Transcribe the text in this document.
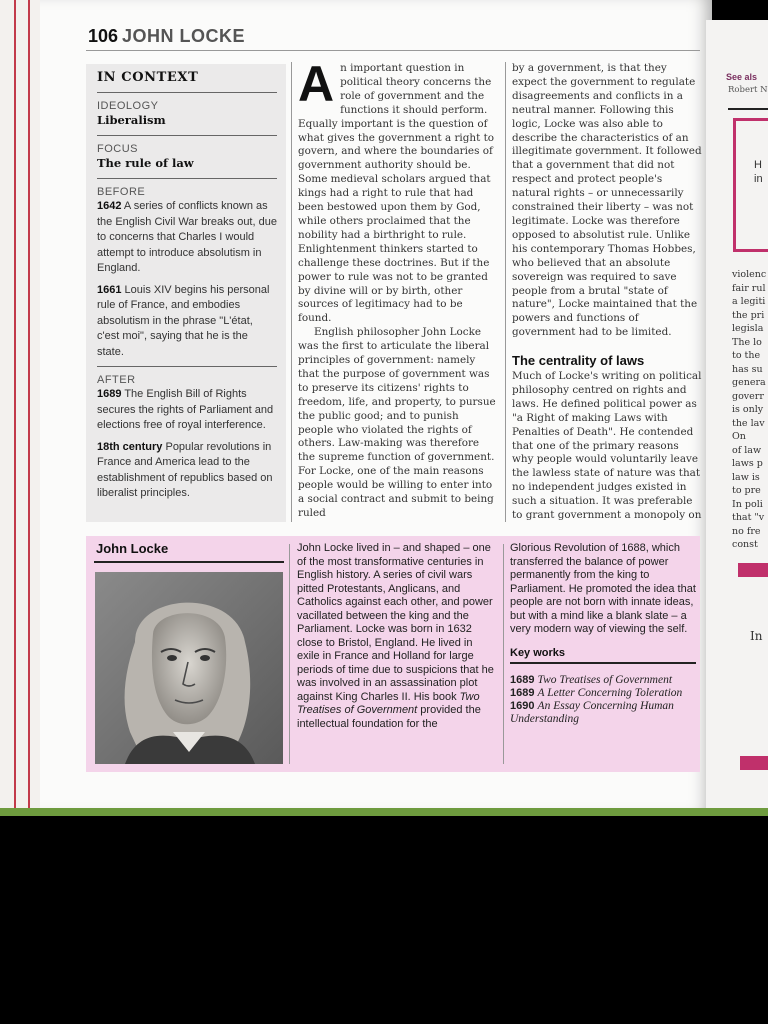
106 JOHN LOCKE
IN CONTEXT
IDEOLOGY
Liberalism
FOCUS
The rule of law
BEFORE
1642 A series of conflicts known as the English Civil War breaks out, due to concerns that Charles I would attempt to introduce absolutism in England.
1661 Louis XIV begins his personal rule of France, and embodies absolutism in the phrase "L'état, c'est moi", saying that he is the state.
AFTER
1689 The English Bill of Rights secures the rights of Parliament and elections free of royal interference.
18th century Popular revolutions in France and America lead to the establishment of republics based on liberalist principles.
A n important question in political theory concerns the role of government and the functions it should perform. Equally important is the question of what gives the government a right to govern, and where the boundaries of government authority should be. Some medieval scholars argued that kings had a right to rule that had been bestowed upon them by God, while others proclaimed that the nobility had a birthright to rule. Enlightenment thinkers started to challenge these doctrines. But if the power to rule was not to be granted by divine will or by birth, other sources of legitimacy had to be found.

English philosopher John Locke was the first to articulate the liberal principles of government: namely that the purpose of government was to preserve its citizens' rights to freedom, life, and property, to pursue the public good; and to punish people who violated the rights of others. Law-making was therefore the supreme function of government. For Locke, one of the main reasons people would be willing to enter into a social contract and submit to being ruled

by a government, is that they expect the government to regulate disagreements and conflicts in a neutral manner. Following this logic, Locke was also able to describe the characteristics of an illegitimate government. It followed that a government that did not respect and protect people's natural rights – or unnecessarily constrained their liberty – was not legitimate. Locke was therefore opposed to absolutist rule. Unlike his contemporary Thomas Hobbes, who believed that an absolute sovereign was required to save people from a brutal "state of nature", Locke maintained that the powers and functions of government had to be limited.

The centrality of laws

Much of Locke's writing on political philosophy centred on rights and laws. He defined political power as "a Right of making Laws with Penalties of Death". He contended that one of the primary reasons why people would voluntarily leave the lawless state of nature was that no independent judges existed in such a situation. It was preferable to grant government a monopoly on

John Locke	John Locke lived in – and shaped – one of the most transformative centuries in English history. A series of civil wars pitted Protestants, Anglicans, and Catholics against each other, and power vacillated between the king and the Parliament. Locke was born in 1632 close to Bristol, England. He lived in exile in France and Holland for large periods of time due to suspicions that he was involved in an assassination plot against King Charles II. His book Two Treatises of Government provided the intellectual foundation for the
Glorious Revolution of 1688, which transferred the balance of power permanently from the king to Parliament. He promoted the idea that people are not born with innate ideas, but with a mind like a blank slate – a very modern way of viewing the self.
Key works
1689 Two Treatises of Government
1689 A Letter Concerning Toleration
1690 An Essay Concerning Human Understanding
See als
Robert N
H
in
violenc
fair rul
a legiti
the pri
legisla
The lo
to the
has su
genera
goverr
is only
the lav
On
of law
laws p
law is
to pre
In poli
that "v
no fre
const
In
